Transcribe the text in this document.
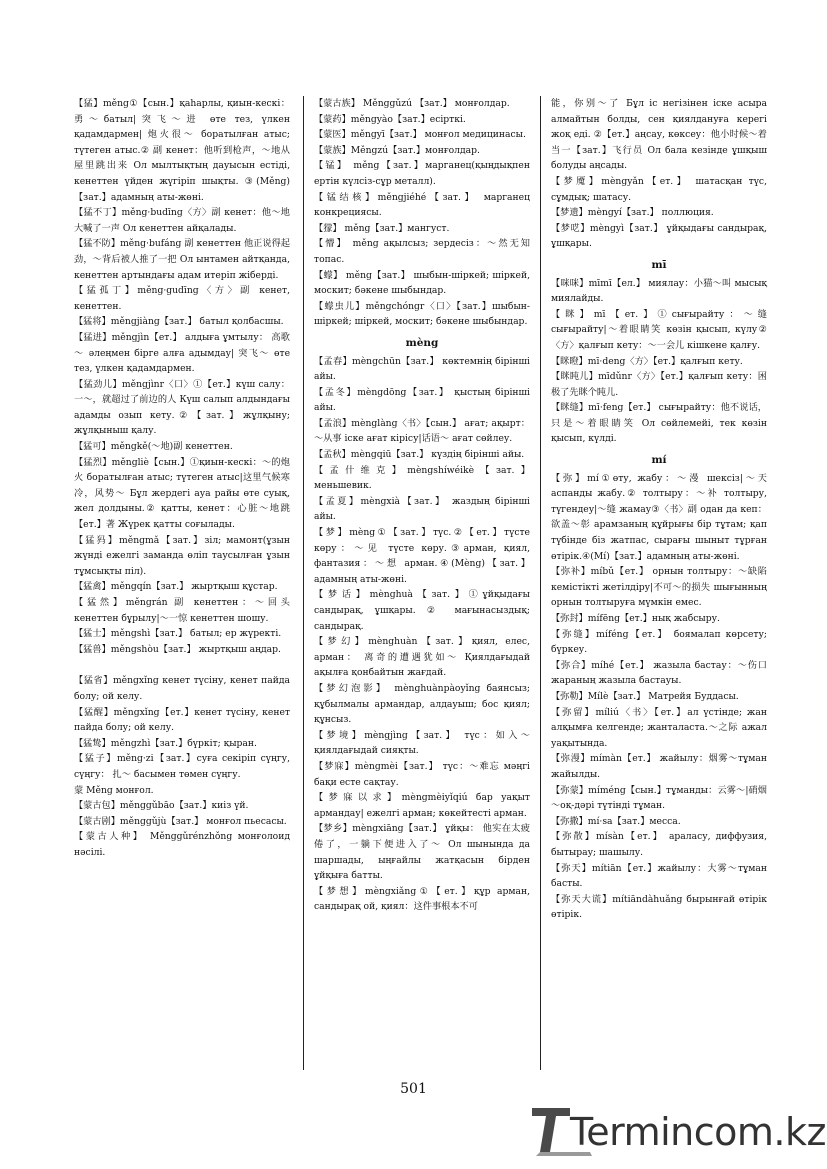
【猛】měng①【сын.】қаһарлы, қиын-кескі：勇～батыл|突飞～进 өте тез, үлкен қадамдармен| 炮火很～ боратылған атыс; түтеген атыс.② 副 кенет：他听到枪声，～地从屋里跳出来 Ол мылтықтың дауысын естіді, кенеттен үйден жүгіріп шықты. ③(Měng)【зат.】адамның аты-жөні.

【猛不丁】měng·budīng〈方〉副 кенет：他～地大喊了一声 Ол кенеттен айқалады.

【猛不防】měng·bufáng 副 кенеттен 他正说得起劲，～背后被人推了一把 Ол ынтамен айтқанда, кенеттен артындағы адам итеріп жіберді.

【猛孤丁】měng·gudīng〈方〉副 кенет, кенеттен.

【猛将】měngjiàng【зат.】 батыл қолбасшы.

【猛进】měngjìn【ет.】 алдыға ұмтылу： 高歌～ әлеңмен бірге алға адымдау| 突飞～ өте тез, үлкен қадамдармен.

【猛劲儿】měngjìnr〈口〉①【ет.】күш салу：一～，就超过了前边的人 Күш салып алдындағы адамды озып кету.②【зат.】жұлқыну; жұлқыныш қалу.

【猛可】měngkě(～地)副 кенеттен.

【猛烈】měngliè【сын.】①қиын-кескі：～的炮火 боратылған атыс; түтеген атыс|这里气候寒冷，风势～ Бұл жердегі ауа райы өте суық, жел долдыны.② қатты, кенет：心脏～地跳【ет.】著 Жүрек қатты соғылады.

【猛犸】měngmǎ【зат.】зіл; мамонт(ұзын жүнді ежелгі заманда өліп таусылған ұзын тұмсықты піл).

【猛禽】měngqín【зат.】 жыртқыш құстар.

【猛然】měngrán 副 кенеттен：～回头 кенеттен бұрылу|～一惊 кенеттен шошу.

【猛士】měngshì【зат.】 батыл; ер жүректі.

【猛兽】měngshòu【зат.】 жыртқыш аңдар.

【猛省】měngxǐng кенет түсіну, кенет пайда болу; ой келу.

【猛醒】měngxǐng【ет.】кенет түсіну, кенет пайда болу; ой келу.

【猛鸷】měngzhì【зат.】бүркіт; қыран.

【猛子】měng·zi【зат.】суға секіріп сүңгу, сүңгу： 扎～ басымен төмен сүңгу.

蒙 Měng монғол.

【蒙古包】měnggǔbāo【зат.】киіз үй.

【蒙古剧】měnggǔjù【зат.】 монғол пьесасы.

【蒙古人种】 Měnggǔrénzhǒng монғолоид нәсілі.

【蒙古族】 Měnggǔzú 【зат.】 монғолдар.

【蒙药】měngyào【зат.】есірткі.

【蒙医】měngyī【зат.】 монғол медицинасы.

【蒙族】Měngzú【зат.】монғолдар.

【锰】 měng【зат.】марганец(қыңдықпен ертін күлсіз-сұр металл).

【锰结核】měngjiéhé【зат.】 марганец конкрециясы.

【獴】 měng【зат.】мангуст.

【懵】 měng ақылсыз; зердесіз：～然无知 топас.

【蠓】 měng【зат.】 шыбын-шіркей; шіркей, москит; бәкене шыбындар.

【蠓虫儿】měngchóngr〈口〉【зат.】шыбын-шіркей; шіркей, москит; бәкене шыбындар.

mèng

【孟春】mèngchūn【зат.】 көктемнің бірінші айы.

【孟冬】mèngdōng【зат.】 қыстың бірінші айы.

【孟浪】mènglàng〈书〉【сын.】 ағат; ақырт：～从事 іске ағат кірісу|话语～ ағат сөйлеу.

【孟秋】mèngqiū【зат.】 күздің бірінші айы.

【孟什维克】mèngshíwéikè【зат.】 меньшевик.

【孟夏】mèngxià【зат.】 жаздың бірінші айы.

【梦】mèng①【зат.】түс.②【ет.】түсте көру：～见 түсте көру.③арман, қиял, фантазия：～想 арман.④(Mèng)【зат.】адамның аты-жөні.

【梦话】mènghuà【зат.】①ұйқыдағы сандырақ, ұшқары. ② мағынасыздық; сандырақ.

【梦幻】mènghuàn【зат.】қиял, елес, арман： 离奇的遭遇犹如～ Қиялдағыдай ақылға қонбайтын жағдай.

【梦幻泡影】 mènghuànpàoyǐng баянсыз; құбылмалы армандар, алдауыш; бос қиял; құнсыз.

【梦境】mèngjìng【зат.】 түс：如入～ қиялдағыдай сияқты.

【梦寐】mèngmèi【зат.】 түс：～难忘 мәңгі бақи есте сақтау.

【梦寐以求】mèngmèiyǐqiú бар уақыт армандау| ежелгі арман; көкейтесті арман.

【梦乡】mèngxiāng【зат.】 ұйқы： 他实在太疲倦了，一躺下便进入了～ Ол шынында да шаршады, ыңғайлы жатқасын бірден ұйқыға батты.

【梦想】mèngxiǎng①【ет.】құр арман, сандырақ ой, қиял：这件事根本不可

能，你别～了 Бұл іс негізінен іске асыра алмайтын болды, сен қиялдануға керегі жоқ еді. ②【ет.】аңсау, көксеу：他小时候～着当一【зат.】飞行员 Ол бала кезінде ұшқыш болуды аңсады.

【梦魇】mèngyǎn【ет.】 шатасқан түс, сұмдық; шатасу.

【梦遗】mèngyí【зат.】 поллюция.

【梦呓】mèngyì【зат.】 ұйқыдағы сандырақ, ұшқары.

mī

【咪咪】mīmī【ел.】 миялау：小猫～叫 мысық миялайды.

【眯】mī【ет.】①сығырайту：～缝 сығырайту|～着眼睛笑 көзін қысып, күлу②〈方〉қалғып кету：～一会儿 кішкене қалғу.

【眯瞪】mī·deng〈方〉【ет.】қалғып кету.

【眯盹儿】mīdǔnr〈方〉【ет.】қалғып кету：困极了先眯个盹儿.

【眯缝】mī·feng【ет.】 сығырайту：他不说话，只是～着眼睛笑 Ол сөйлемейі, тек көзін қысып, күлді.

mí

【弥】mí①өту, жабу：～漫 шексіз|～天 аспанды жабу.② толтыру：～补 толтыру, түгендеу|～缝 жамау③〈书〉副 одан да кеп：欲盖～彰 арамзаның құйрығы бір тұтам; қап түбінде біз жатпас, сырағы шыныт тұрған өтірік.④(Mí)【зат.】адамның аты-жөні.

【弥补】míbǔ【ет.】 орнын толтыру：～缺陷 кемістікті жетілдіру|不可～的损失 шығынның орнын толтыруға мүмкін емес.

【弥封】mífēng【ет.】нық жабсыру.

【弥缝】míféng【ет.】 боямалап көрсету; бүркеу.

【弥合】míhé【ет.】 жазыла бастау：～伤口 жараның жазыла бастауы.

【弥勒】Mílè【зат.】 Матрейя Буддасы.

【弥留】míliú〈书〉【ет.】ал үстінде; жан алқымға келгенде; жанталаста.～之际 ажал уақытында.

【弥漫】mímàn【ет.】 жайылу：烟雾～тұман жайылды.

【弥蒙】míméng【сын.】тұманды：云雾～|硝烟～оқ-дәрі түтінді тұман.

【弥撒】mí·sa【зат.】месса.

【弥散】mísàn【ет.】 араласу, диффузия, бытырау; шашылу.

【弥天】mítiān【ет.】жайылу：大雾～тұман басты.

【弥天大谎】mítiāndàhuǎng бырынғай өтірік өтірік.

501
Termincom.kz
